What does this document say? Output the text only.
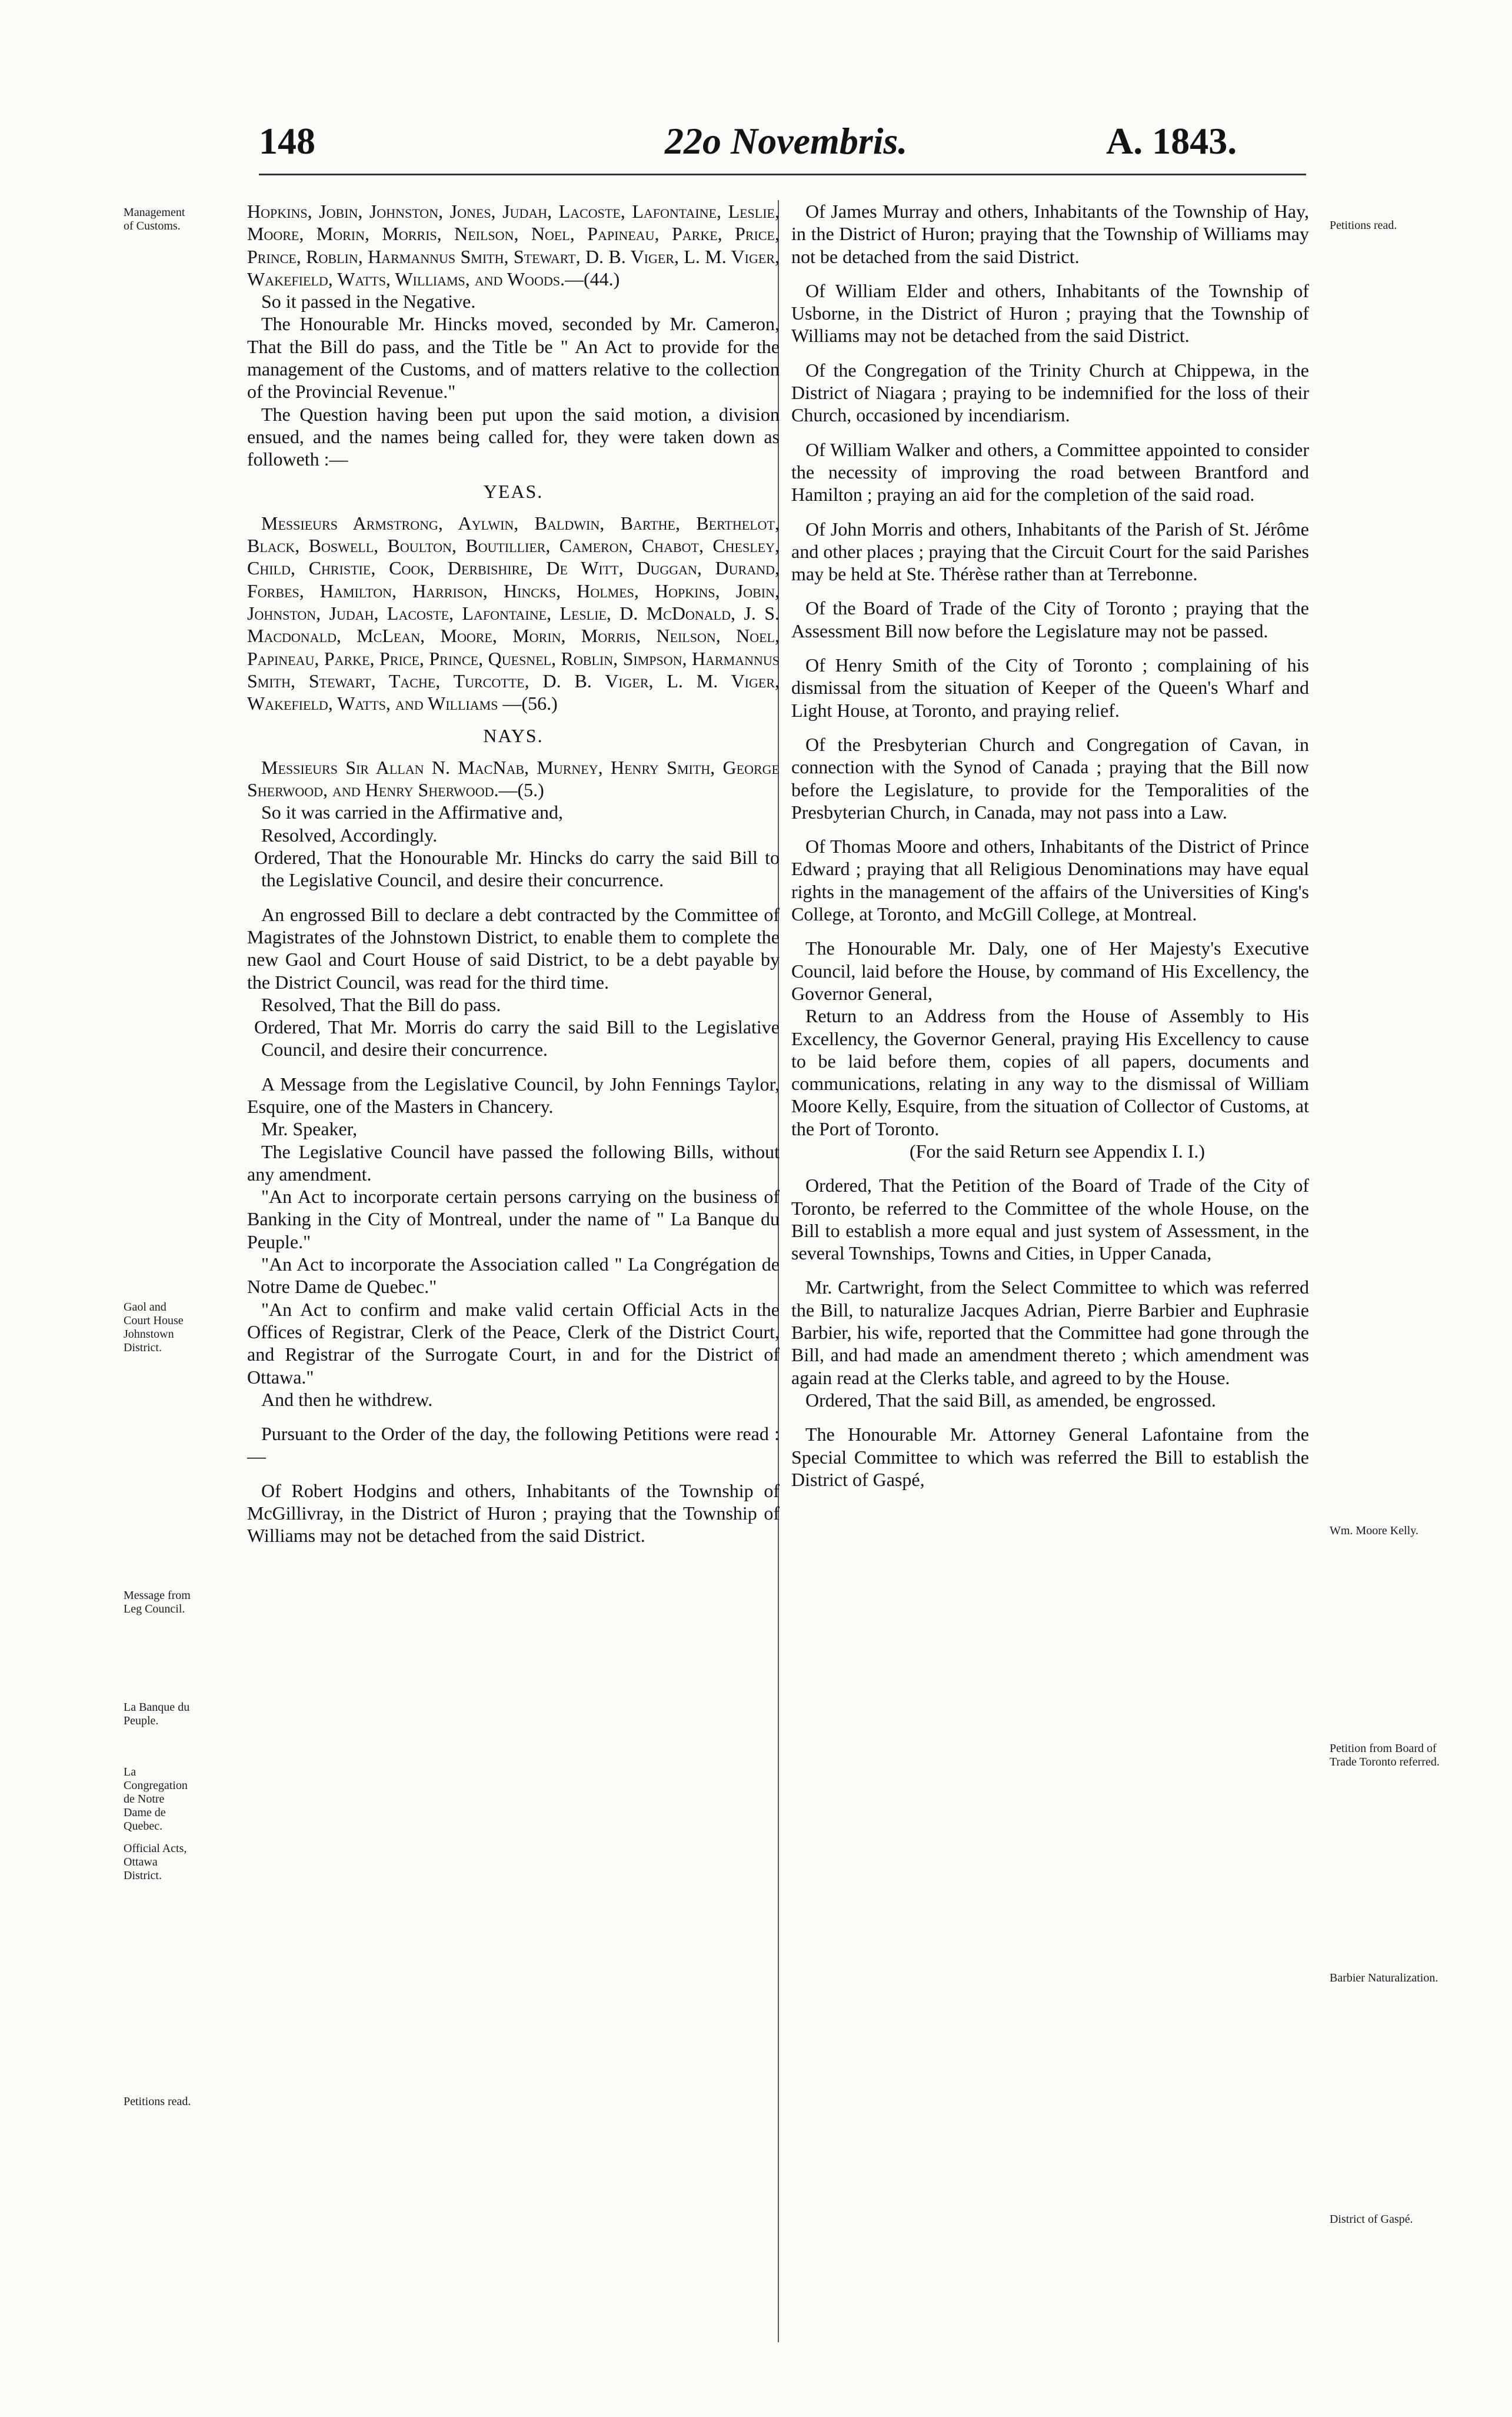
148	22o Novembris.	A. 1843.
Management of Customs.
Gaol and Court House Johnstown District.
Message from Leg Council.
La Banque du Peuple.
La Congregation de Notre Dame de Quebec.
Official Acts, Ottawa District.
Petitions read.
Petitions read.
Wm. Moore Kelly.
Petition from Board of Trade Toronto referred.
Barbier Naturalization.
District of Gaspé.

Hopkins, Jobin, Johnston, Jones, Judah, Lacoste, Lafontaine, Leslie, Moore, Morin, Morris, Neilson, Noel, Papineau, Parke, Price, Prince, Roblin, Harmannus Smith, Stewart, D. B. Viger, L. M. Viger, Wakefield, Watts, Williams, and Woods.—(44.)

So it passed in the Negative.

The Honourable Mr. Hincks moved, seconded by Mr. Cameron, That the Bill do pass, and the Title be " An Act to provide for the management of the Customs, and of matters relative to the collection of the Provincial Revenue."

The Question having been put upon the said motion, a division ensued, and the names being called for, they were taken down as followeth :—

YEAS.

Messieurs Armstrong, Aylwin, Baldwin, Barthe, Berthelot, Black, Boswell, Boulton, Boutillier, Cameron, Chabot, Chesley, Child, Christie, Cook, Derbishire, De Witt, Duggan, Durand, Forbes, Hamilton, Harrison, Hincks, Holmes, Hopkins, Jobin, Johnston, Judah, Lacoste, Lafontaine, Leslie, D. McDonald, J. S. Macdonald, McLean, Moore, Morin, Morris, Neilson, Noel, Papineau, Parke, Price, Prince, Quesnel, Roblin, Simpson, Harmannus Smith, Stewart, Tache, Turcotte, D. B. Viger, L. M. Viger, Wakefield, Watts, and Williams —(56.)

NAYS.

Messieurs Sir Allan N. MacNab, Murney, Henry Smith, George Sherwood, and Henry Sherwood.—(5.)

So it was carried in the Affirmative and,

Resolved, Accordingly.

Ordered, That the Honourable Mr. Hincks do carry the said Bill to the Legislative Council, and desire their concurrence.

An engrossed Bill to declare a debt contracted by the Committee of Magistrates of the Johnstown District, to enable them to complete the new Gaol and Court House of said District, to be a debt payable by the District Council, was read for the third time.

Resolved, That the Bill do pass.

Ordered, That Mr. Morris do carry the said Bill to the Legislative Council, and desire their concurrence.

A Message from the Legislative Council, by John Fennings Taylor, Esquire, one of the Masters in Chancery.

Mr. Speaker,

The Legislative Council have passed the following Bills, without any amendment.

"An Act to incorporate certain persons carrying on the business of Banking in the City of Montreal, under the name of " La Banque du Peuple."

"An Act to incorporate the Association called " La Congrégation de Notre Dame de Quebec."

"An Act to confirm and make valid certain Official Acts in the Offices of Registrar, Clerk of the Peace, Clerk of the District Court, and Registrar of the Surrogate Court, in and for the District of Ottawa."

And then he withdrew.

Pursuant to the Order of the day, the following Petitions were read :—

Of Robert Hodgins and others, Inhabitants of the Township of McGillivray, in the District of Huron ; praying that the Township of Williams may not be detached from the said District.

Of James Murray and others, Inhabitants of the Township of Hay, in the District of Huron; praying that the Township of Williams may not be detached from the said District.

Of William Elder and others, Inhabitants of the Township of Usborne, in the District of Huron ; praying that the Township of Williams may not be detached from the said District.

Of the Congregation of the Trinity Church at Chippewa, in the District of Niagara ; praying to be indemnified for the loss of their Church, occasioned by incendiarism.

Of William Walker and others, a Committee appointed to consider the necessity of improving the road between Brantford and Hamilton ; praying an aid for the completion of the said road.

Of John Morris and others, Inhabitants of the Parish of St. Jérôme and other places ; praying that the Circuit Court for the said Parishes may be held at Ste. Thérèse rather than at Terrebonne.

Of the Board of Trade of the City of Toronto ; praying that the Assessment Bill now before the Legislature may not be passed.

Of Henry Smith of the City of Toronto ; complaining of his dismissal from the situation of Keeper of the Queen's Wharf and Light House, at Toronto, and praying relief.

Of the Presbyterian Church and Congregation of Cavan, in connection with the Synod of Canada ; praying that the Bill now before the Legislature, to provide for the Temporalities of the Presbyterian Church, in Canada, may not pass into a Law.

Of Thomas Moore and others, Inhabitants of the District of Prince Edward ; praying that all Religious Denominations may have equal rights in the management of the affairs of the Universities of King's College, at Toronto, and McGill College, at Montreal.

The Honourable Mr. Daly, one of Her Majesty's Executive Council, laid before the House, by command of His Excellency, the Governor General,

Return to an Address from the House of Assembly to His Excellency, the Governor General, praying His Excellency to cause to be laid before them, copies of all papers, documents and communications, relating in any way to the dismissal of William Moore Kelly, Esquire, from the situation of Collector of Customs, at the Port of Toronto.

(For the said Return see Appendix I. I.)

Ordered, That the Petition of the Board of Trade of the City of Toronto, be referred to the Committee of the whole House, on the Bill to establish a more equal and just system of Assessment, in the several Townships, Towns and Cities, in Upper Canada,

Mr. Cartwright, from the Select Committee to which was referred the Bill, to naturalize Jacques Adrian, Pierre Barbier and Euphrasie Barbier, his wife, reported that the Committee had gone through the Bill, and had made an amendment thereto ; which amendment was again read at the Clerks table, and agreed to by the House.

Ordered, That the said Bill, as amended, be engrossed.

The Honourable Mr. Attorney General Lafontaine from the Special Committee to which was referred the Bill to establish the District of Gaspé,
